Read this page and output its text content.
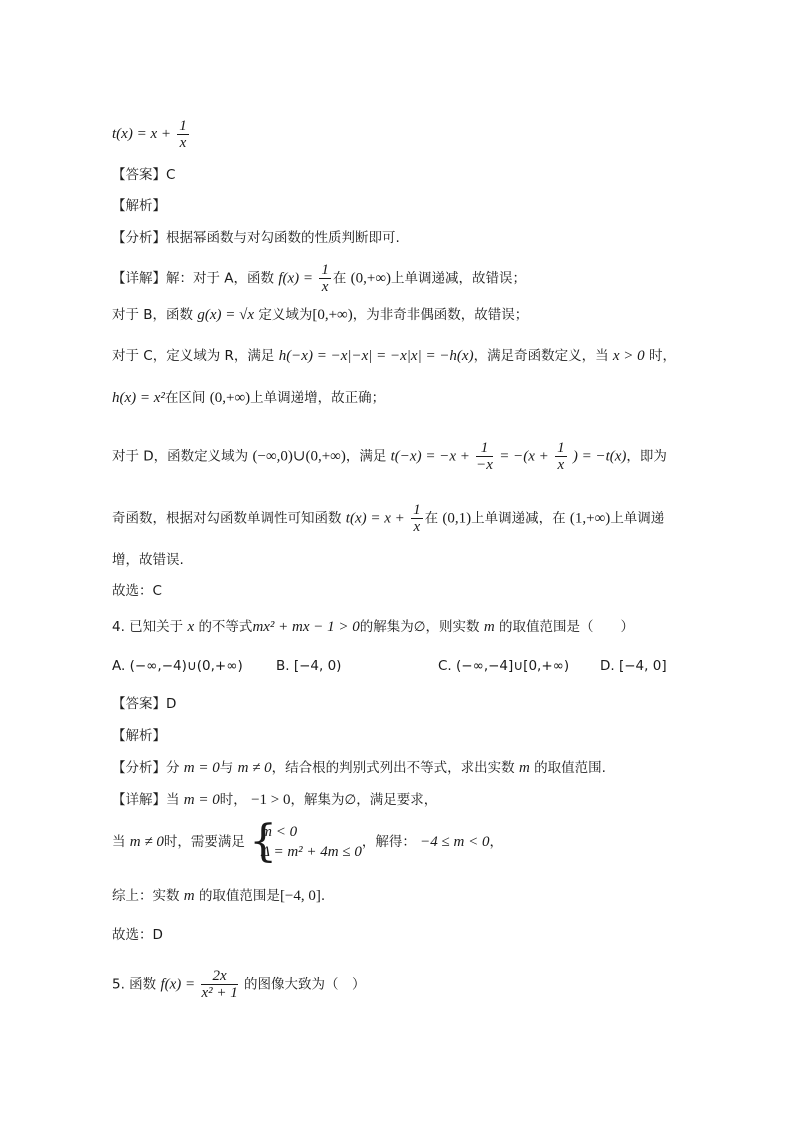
$t(x) = x + \frac{1}{x}$
【答案】C
【解析】
【分析】根据幂函数与对勾函数的性质判断即可.
【详解】解：对于 A，函数 $f(x) = \frac{1}{x}$ 在 (0,+∞)上单调递减，故错误；
对于 B，函数 g(x) = √x 定义域为[0,+∞)，为非奇非偶函数，故错误；
对于 C，定义域为 R，满足 h(−x) = −x|−x| = −x|x| = −h(x)，满足奇函数定义，当 x > 0 时，
h(x) = x²在区间 (0,+∞)上单调递增，故正确；
对于 D，函数定义域为 (−∞,0)∪(0,+∞)，满足 $t(-x) = -x + \frac{1}{-x} = -(x + \frac{1}{x}$ ) = −t(x)，即为
奇函数，根据对勾函数单调性可知函数 $t(x) = x + \frac{1}{x}$ 在 (0,1)上单调递减，在 (1,+∞)上单调递
增，故错误.
故选：C
4. 已知关于 x 的不等式mx² + mx − 1 > 0的解集为∅，则实数 m 的取值范围是（　　）
A. (−∞,−4)∪(0,+∞) B. [−4, 0)	C. (−∞,−4]∪[0,+∞) D. [−4, 0]
【答案】D
【解析】
【分析】分 m = 0与 m ≠ 0，结合根的判别式列出不等式，求出实数 m 的取值范围.
【详解】当 m = 0时， −1 > 0，解集为∅，满足要求，
当 m ≠ 0时，需要满足
{ m < 0
Δ = m² + 4m ≤ 0
，解得： −4 ≤ m < 0，
综上：实数 m 的取值范围是[−4, 0].
故选：D
5. 函数 $f(x) = \frac{2x}{\text{x² + 1}}$ 的图像大致为（　）
